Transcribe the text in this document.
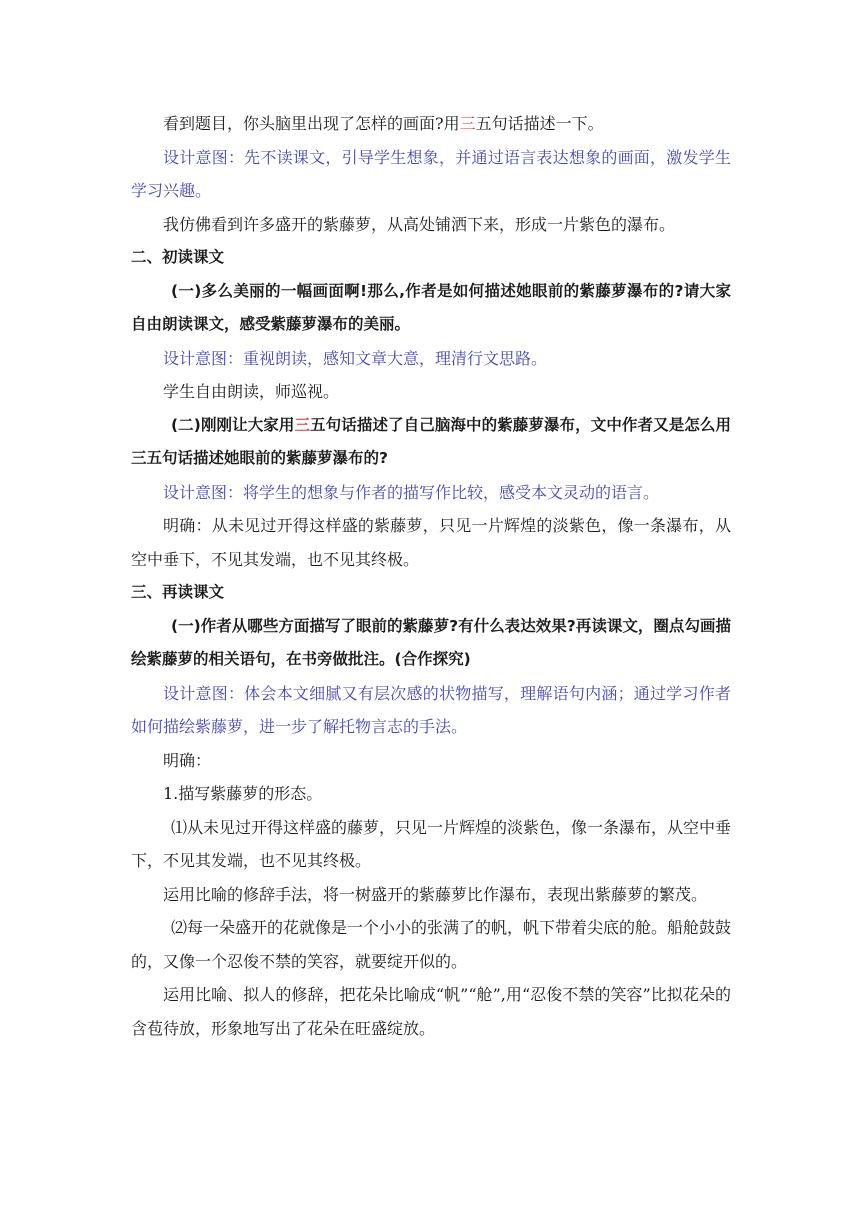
看到题目，你头脑里出现了怎样的画面?用三五句话描述一下。

设计意图：先不读课文，引导学生想象，并通过语言表达想象的画面，激发学生学习兴趣。

我仿佛看到许多盛开的紫藤萝，从高处铺洒下来，形成一片紫色的瀑布。

二、初读课文

(一)多么美丽的一幅画面啊!那么,作者是如何描述她眼前的紫藤萝瀑布的?请大家自由朗读课文，感受紫藤萝瀑布的美丽。

设计意图：重视朗读，感知文章大意，理清行文思路。

学生自由朗读，师巡视。

(二)刚刚让大家用三五句话描述了自己脑海中的紫藤萝瀑布，文中作者又是怎么用三五句话描述她眼前的紫藤萝瀑布的?

设计意图：将学生的想象与作者的描写作比较，感受本文灵动的语言。

明确：从未见过开得这样盛的紫藤萝，只见一片辉煌的淡紫色，像一条瀑布，从空中垂下，不见其发端，也不见其终极。

三、再读课文

(一)作者从哪些方面描写了眼前的紫藤萝?有什么表达效果?再读课文，圈点勾画描绘紫藤萝的相关语句，在书旁做批注。(合作探究)

设计意图：体会本文细腻又有层次感的状物描写，理解语句内涵；通过学习作者如何描绘紫藤萝，进一步了解托物言志的手法。

明确：

1.描写紫藤萝的形态。

⑴从未见过开得这样盛的藤萝，只见一片辉煌的淡紫色，像一条瀑布，从空中垂下，不见其发端，也不见其终极。

运用比喻的修辞手法，将一树盛开的紫藤萝比作瀑布，表现出紫藤萝的繁茂。

⑵每一朵盛开的花就像是一个小小的张满了的帆，帆下带着尖底的舱。船舱鼓鼓的，又像一个忍俊不禁的笑容，就要绽开似的。

运用比喻、拟人的修辞，把花朵比喻成“帆”“舱”,用“忍俊不禁的笑容”比拟花朵的含苞待放，形象地写出了花朵在旺盛绽放。
